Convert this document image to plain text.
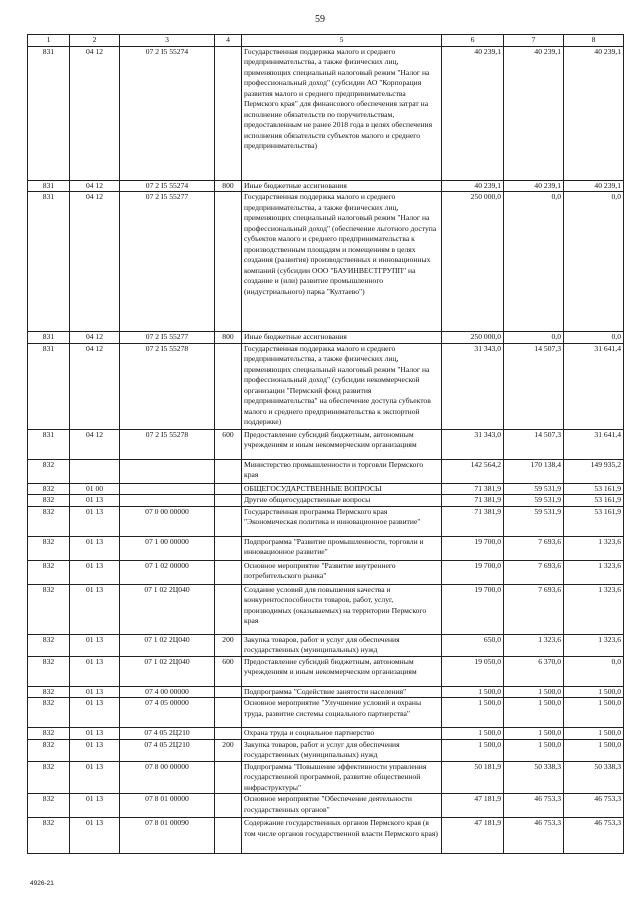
59
1	2	3	4	5	6	7	8
831	04 12	07 2 I5 55274		Государственная поддержка малого и среднего предпринимательства, а также физических лиц, применяющих специальный налоговый режим "Налог на профессиональный доход" (субсидии АО "Корпорация развития малого и среднего предпринимательства Пермского края" для финансового обеспечения затрат на исполнение обязательств по поручительствам, предоставленным не ранее 2018 года в целях обеспечения исполнения обязательств субъектов малого и среднего предпринимательства)	40 239,1	40 239,1	40 239,1
831	04 12	07 2 I5 55274	800	Иные бюджетные ассигнования	40 239,1	40 239,1	40 239,1
831	04 12	07 2 I5 55277		Государственная поддержка малого и среднего предпринимательства, а также физических лиц, применяющих специальный налоговый режим "Налог на профессиональный доход" (обеспечение льготного доступа субъектов малого и среднего предпринимательства к производственным площадям и помещениям в целях создания (развития) производственных и инновационных компаний (субсидии ООО "БАУИНВЕСТГРУПП" на создание и (или) развитие промышленного (индустриального) парка "Култаево")	250 000,0	0,0	0,0
831	04 12	07 2 I5 55277	800	Иные бюджетные ассигнования	250 000,0	0,0	0,0
831	04 12	07 2 I5 55278		Государственная поддержка малого и среднего предпринимательства, а также физических лиц, применяющих специальный налоговый режим "Налог на профессиональный доход" (субсидии некоммерческой организации "Пермский фонд развития предпринимательства" на обеспечение доступа субъектов малого и среднего предпринимательства к экспортной поддержке)	31 343,0	14 507,3	31 641,4
831	04 12	07 2 I5 55278	600	Предоставление субсидий бюджетным, автономным учреждениям и иным некоммерческим организациям	31 343,0	14 507,3	31 641,4
832				Министерство промышленности и торговли Пермского края	142 564,2	170 138,4	149 935,2
832	01 00			ОБЩЕГОСУДАРСТВЕННЫЕ ВОПРОСЫ	71 381,9	59 531,9	53 161,9
832	01 13			Другие общегосударственные вопросы	71 381,9	59 531,9	53 161,9
832	01 13	07 0 00 00000		Государственная программа Пермского края "Экономическая политика и инновационное развитие"	71 381,9	59 531,9	53 161,9
832	01 13	07 1 00 00000		Подпрограмма "Развитие промышленности, торговли и инновационное развитие"	19 700,0	7 693,6	1 323,6
832	01 13	07 1 02 00000		Основное мероприятие "Развитие внутреннего потребительского рынка"	19 700,0	7 693,6	1 323,6
832	01 13	07 1 02 2Ц040		Создание условий для повышения качества и конкурентоспособности товаров, работ, услуг, производимых (оказываемых) на территории Пермского края	19 700,0	7 693,6	1 323,6
832	01 13	07 1 02 2Ц040	200	Закупка товаров, работ и услуг для обеспечения государственных (муниципальных) нужд	650,0	1 323,6	1 323,6
832	01 13	07 1 02 2Ц040	600	Предоставление субсидий бюджетным, автономным учреждениям и иным некоммерческим организациям	19 050,0	6 370,0	0,0
832	01 13	07 4 00 00000		Подпрограмма "Содействие занятости населения"	1 500,0	1 500,0	1 500,0
832	01 13	07 4 05 00000		Основное мероприятие "Улучшение условий и охраны труда, развитие системы социального партнерства"	1 500,0	1 500,0	1 500,0
832	01 13	07 4 05 2Ц210		Охрана труда и социальное партнерство	1 500,0	1 500,0	1 500,0
832	01 13	07 4 05 2Ц210	200	Закупка товаров, работ и услуг для обеспечения государственных (муниципальных) нужд	1 500,0	1 500,0	1 500,0
832	01 13	07 8 00 00000		Подпрограмма "Повышение эффективности управления государственной программой, развитие общественной инфраструктуры"	50 181,9	50 338,3	50 338,3
832	01 13	07 8 01 00000		Основное мероприятие "Обеспечение деятельности государственных органов"	47 181,9	46 753,3	46 753,3
832	01 13	07 8 01 00090		Содержание государственных органов Пермского края (в том числе органов государственной власти Пермского края)	47 181,9	46 753,3	46 753,3
4926-21
